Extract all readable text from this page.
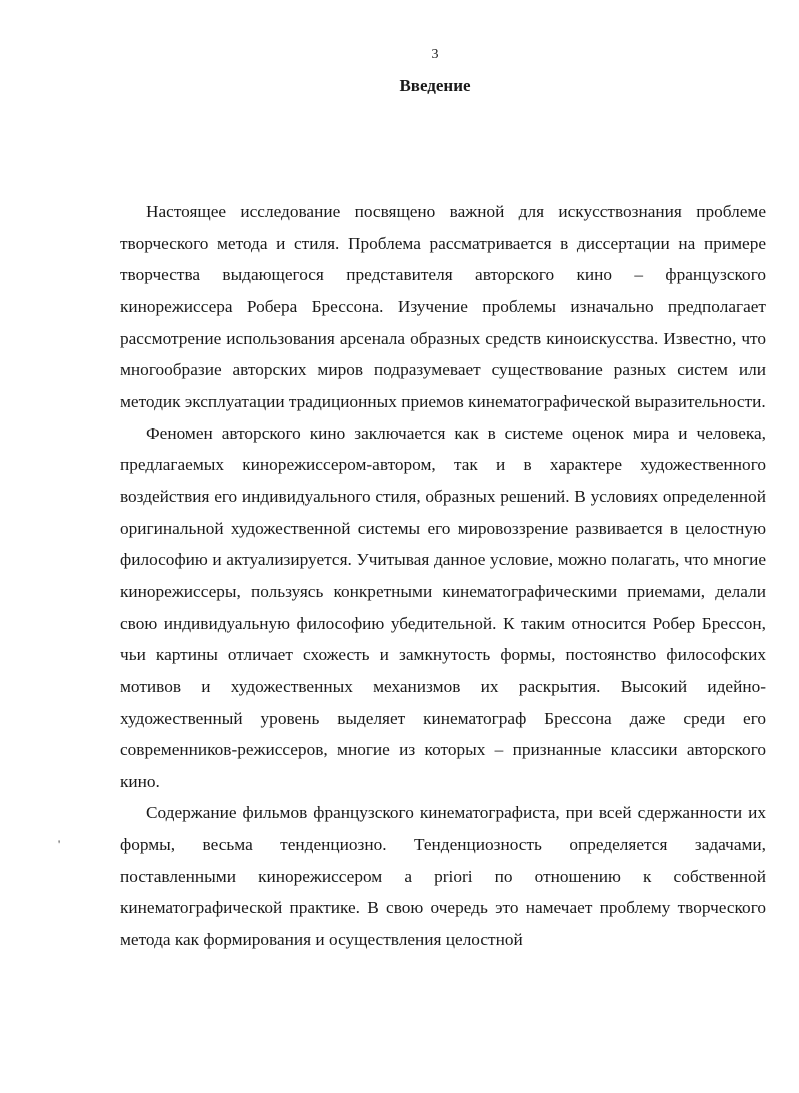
3
Введение

Настоящее исследование посвящено важной для искусствознания проблеме творческого метода и стиля. Проблема рассматривается в диссертации на примере творчества выдающегося представителя авторского кино – французского кинорежиссера Робера Брессона. Изучение проблемы изначально предполагает рассмотрение использования арсенала образных средств киноискусства. Известно, что многообразие авторских миров подразумевает существование разных систем или методик эксплуатации традиционных приемов кинематографической выразительности.

Феномен авторского кино заключается как в системе оценок мира и человека, предлагаемых кинорежиссером-автором, так и в характере художественного воздействия его индивидуального стиля, образных решений. В условиях определенной оригинальной художественной системы его мировоззрение развивается в целостную философию и актуализируется. Учитывая данное условие, можно полагать, что многие кинорежиссеры, пользуясь конкретными кинематографическими приемами, делали свою индивидуальную философию убедительной. К таким относится Робер Брессон, чьи картины отличает схожесть и замкнутость формы, постоянство философских мотивов и художественных механизмов их раскрытия. Высокий идейно-художественный уровень выделяет кинематограф Брессона даже среди его современников-режиссеров, многие из которых – признанные классики авторского кино.

Содержание фильмов французского кинематографиста, при всей сдержанности их формы, весьма тенденциозно. Тенденциозность определяется задачами, поставленными кинорежиссером a priori по отношению к собственной кинематографической практике. В свою очередь это намечает проблему творческого метода как формирования и осуществления целостной

'
